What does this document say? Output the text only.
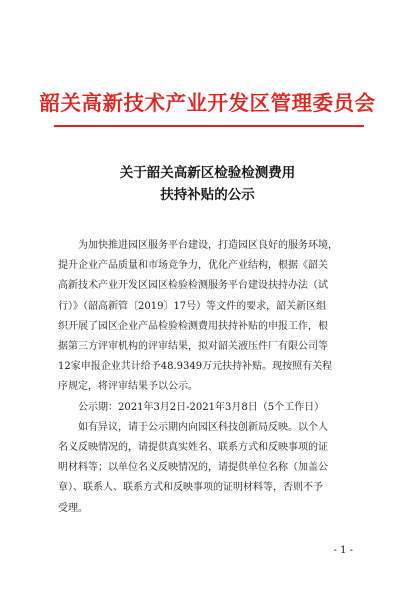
韶关高新技术产业开发区管理委员会
关于韶关高新区检验检测费用
扶持补贴的公示

为加快推进园区服务平台建设，打造园区良好的服务环境，
提升企业产品质量和市场竞争力，优化产业结构，根据《韶关
高新技术产业开发区园区检验检测服务平台建设扶持办法（试
行）》（韶高新管〔2019〕17号）等文件的要求，韶关新区组
织开展了园区企业产品检验检测费用扶持补贴的申报工作，根
据第三方评审机构的评审结果，拟对韶关液压件厂有限公司等
12家申报企业共计给予48.9349万元扶持补贴。现按照有关程
序规定，将评审结果予以公示。

公示期：2021年3月2日-2021年3月8日（5个工作日）

如有异议，请于公示期内向园区科技创新局反映。以个人
名义反映情况的，请提供真实姓名、联系方式和反映事项的证
明材料等；以单位名义反映情况的，请提供单位名称（加盖公
章）、联系人、联系方式和反映事项的证明材料等，否则不予
受理。

- 1 -
